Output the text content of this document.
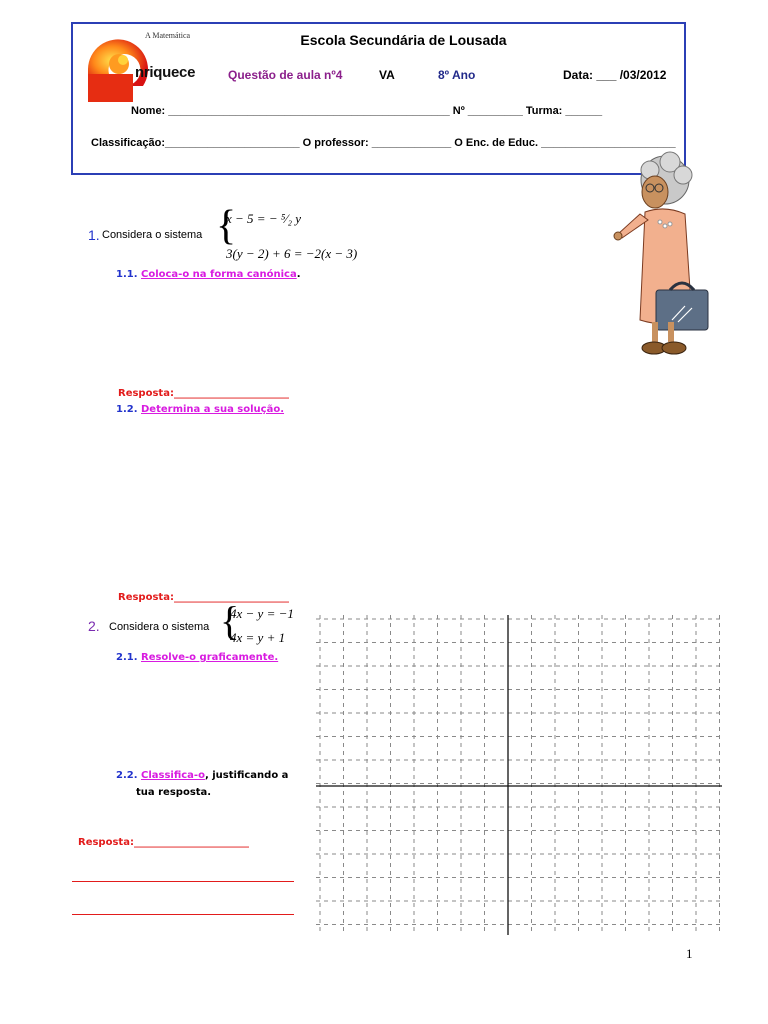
A Matemática
nriquece
Escola Secundária de Lousada
Questão de aula nº4	VA	8º Ano	Data: ___ /03/2012
Nome: ______________________________________________ Nº _________ Turma: ______
Classificação:______________________ O professor: _____________ O Enc. de Educ. ______________________
1. Considera o sistema {
x − 5 = − ⁵⁄₂ y
3(y − 2) + 6 = −2(x − 3)
1.1. Coloca-o na forma canónica.
Resposta:_______________________
1.2. Determina a sua solução.
Resposta:_______________________
2. Considera o sistema {
4x − y = −1
4x = y + 1
2.1. Resolve-o graficamente.
2.2. Classifica-o, justificando a
tua resposta.
Resposta:_______________________
1
